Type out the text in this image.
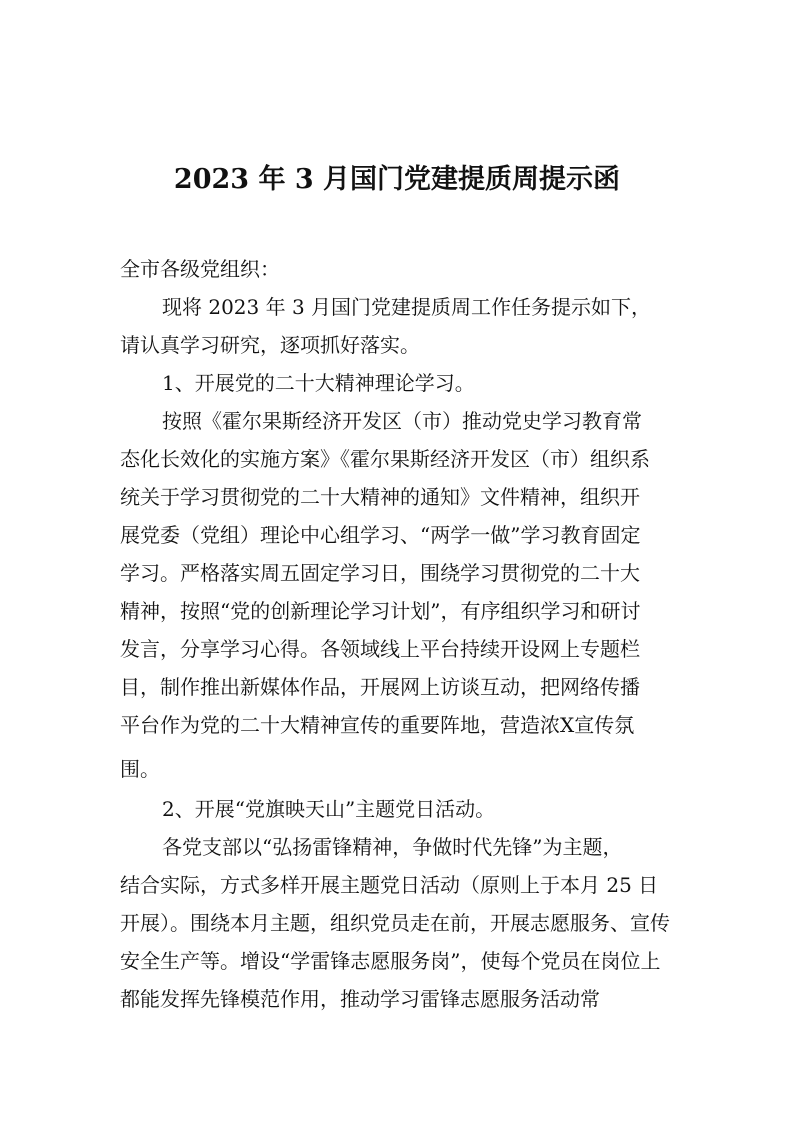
2023 年 3 月国门党建提质周提示函
全市各级党组织：
现将 2023 年 3 月国门党建提质周工作任务提示如下，
请认真学习研究，逐项抓好落实。
1、开展党的二十大精神理论学习。
按照《霍尔果斯经济开发区（市）推动党史学习教育常
态化长效化的实施方案》《霍尔果斯经济开发区（市）组织系
统关于学习贯彻党的二十大精神的通知》文件精神，组织开
展党委（党组）理论中心组学习、“两学一做”学习教育固定
学习。严格落实周五固定学习日，围绕学习贯彻党的二十大
精神，按照“党的创新理论学习计划”，有序组织学习和研讨
发言，分享学习心得。各领域线上平台持续开设网上专题栏
目，制作推出新媒体作品，开展网上访谈互动，把网络传播
平台作为党的二十大精神宣传的重要阵地，营造浓X宣传氛
围。
2、开展“党旗映天山”主题党日活动。
各党支部以“弘扬雷锋精神，争做时代先锋”为主题，
结合实际，方式多样开展主题党日活动（原则上于本月 25 日
开展）。围绕本月主题，组织党员走在前，开展志愿服务、宣传
安全生产等。增设“学雷锋志愿服务岗”，使每个党员在岗位上
都能发挥先锋模范作用，推动学习雷锋志愿服务活动常
